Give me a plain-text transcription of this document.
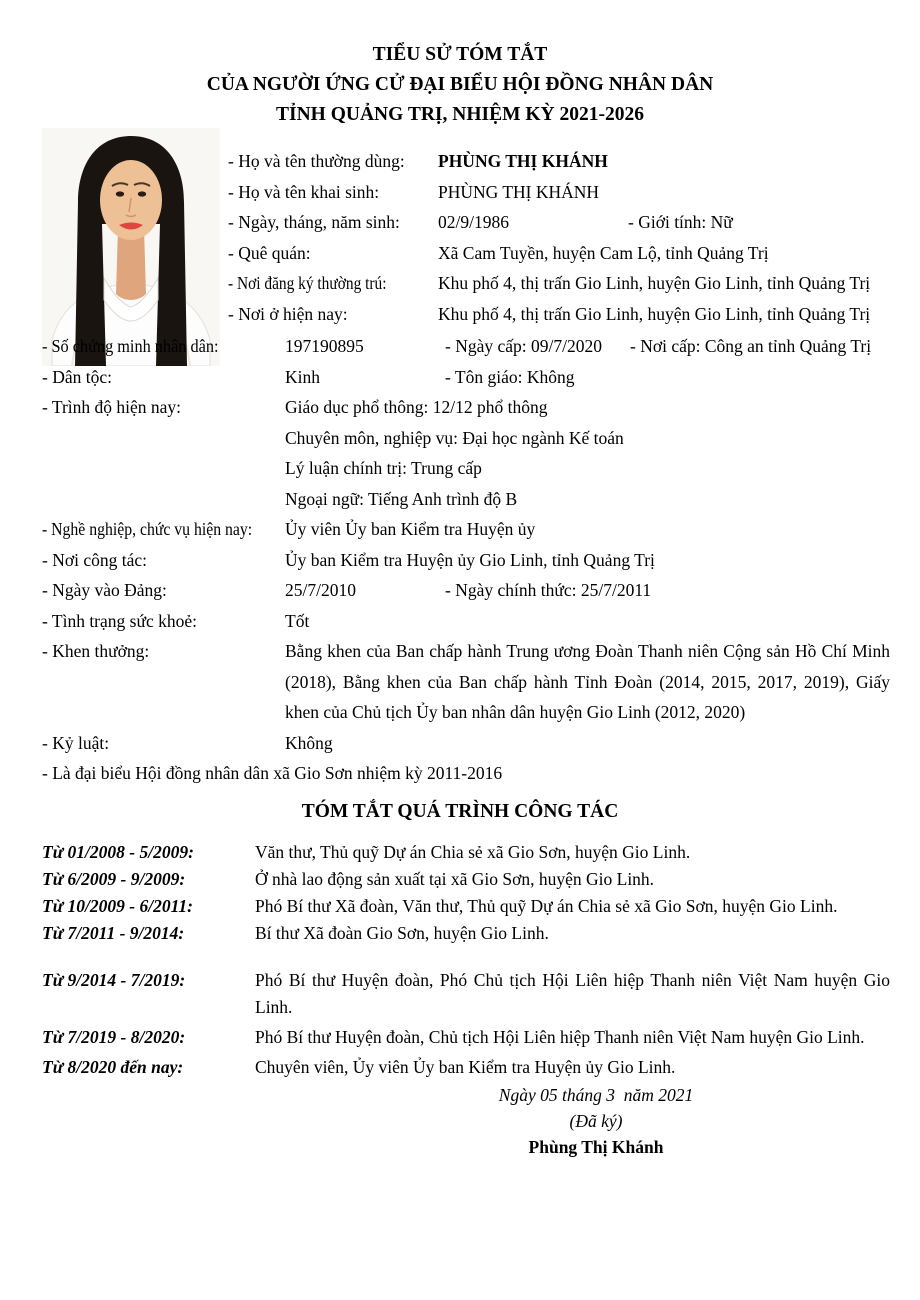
TIỂU SỬ TÓM TẮT
CỦA NGƯỜI ỨNG CỬ ĐẠI BIỂU HỘI ĐỒNG NHÂN DÂN
TỈNH QUẢNG TRỊ, NHIỆM KỲ 2021-2026
- Họ và tên thường dùng:	PHÙNG THỊ KHÁNH
- Họ và tên khai sinh:	PHÙNG THỊ KHÁNH
- Ngày, tháng, năm sinh:	02/9/1986	- Giới tính: Nữ
- Quê quán:	Xã Cam Tuyền, huyện Cam Lộ, tỉnh Quảng Trị
- Nơi đăng ký thường trú:	Khu phố 4, thị trấn Gio Linh, huyện Gio Linh, tỉnh Quảng Trị
- Nơi ở hiện nay:	Khu phố 4, thị trấn Gio Linh, huyện Gio Linh, tỉnh Quảng Trị
- Số chứng minh nhân dân:	197190895	- Ngày cấp: 09/7/2020	- Nơi cấp: Công an tỉnh Quảng Trị
- Dân tộc:	Kinh	- Tôn giáo: Không
- Trình độ hiện nay:	Giáo dục phổ thông: 12/12 phổ thông
Chuyên môn, nghiệp vụ: Đại học ngành Kế toán
Lý luận chính trị: Trung cấp
Ngoại ngữ: Tiếng Anh trình độ B
- Nghề nghiệp, chức vụ hiện nay:	Ủy viên Ủy ban Kiểm tra Huyện ủy
- Nơi công tác:	Ủy ban Kiểm tra Huyện ủy Gio Linh, tỉnh Quảng Trị
- Ngày vào Đảng:	25/7/2010	- Ngày chính thức: 25/7/2011
- Tình trạng sức khoẻ:	Tốt
- Khen thưởng:	Bằng khen của Ban chấp hành Trung ương Đoàn Thanh niên Cộng sản Hồ Chí Minh (2018), Bằng khen của Ban chấp hành Tỉnh Đoàn (2014, 2015, 2017, 2019), Giấy khen của Chủ tịch Ủy ban nhân dân huyện Gio Linh (2012, 2020)
- Kỷ luật:	Không
- Là đại biểu Hội đồng nhân dân xã Gio Sơn nhiệm kỳ 2011-2016
TÓM TẮT QUÁ TRÌNH CÔNG TÁC
Từ 01/2008 - 5/2009:	Văn thư, Thủ quỹ Dự án Chia sẻ xã Gio Sơn, huyện Gio Linh.
Từ 6/2009 - 9/2009:	Ở nhà lao động sản xuất tại xã Gio Sơn, huyện Gio Linh.
Từ 10/2009 - 6/2011:	Phó Bí thư Xã đoàn, Văn thư, Thủ quỹ Dự án Chia sẻ xã Gio Sơn, huyện Gio Linh.
Từ 7/2011 - 9/2014:	Bí thư Xã đoàn Gio Sơn, huyện Gio Linh.
Từ 9/2014 - 7/2019:	Phó Bí thư Huyện đoàn, Phó Chủ tịch Hội Liên hiệp Thanh niên Việt Nam huyện Gio Linh.
Từ 7/2019 - 8/2020:	Phó Bí thư Huyện đoàn, Chủ tịch Hội Liên hiệp Thanh niên Việt Nam huyện Gio Linh.
Từ 8/2020 đến nay:	Chuyên viên, Ủy viên Ủy ban Kiểm tra Huyện ủy Gio Linh.
Ngày 05 tháng 3  năm 2021
(Đã ký)
Phùng Thị Khánh
